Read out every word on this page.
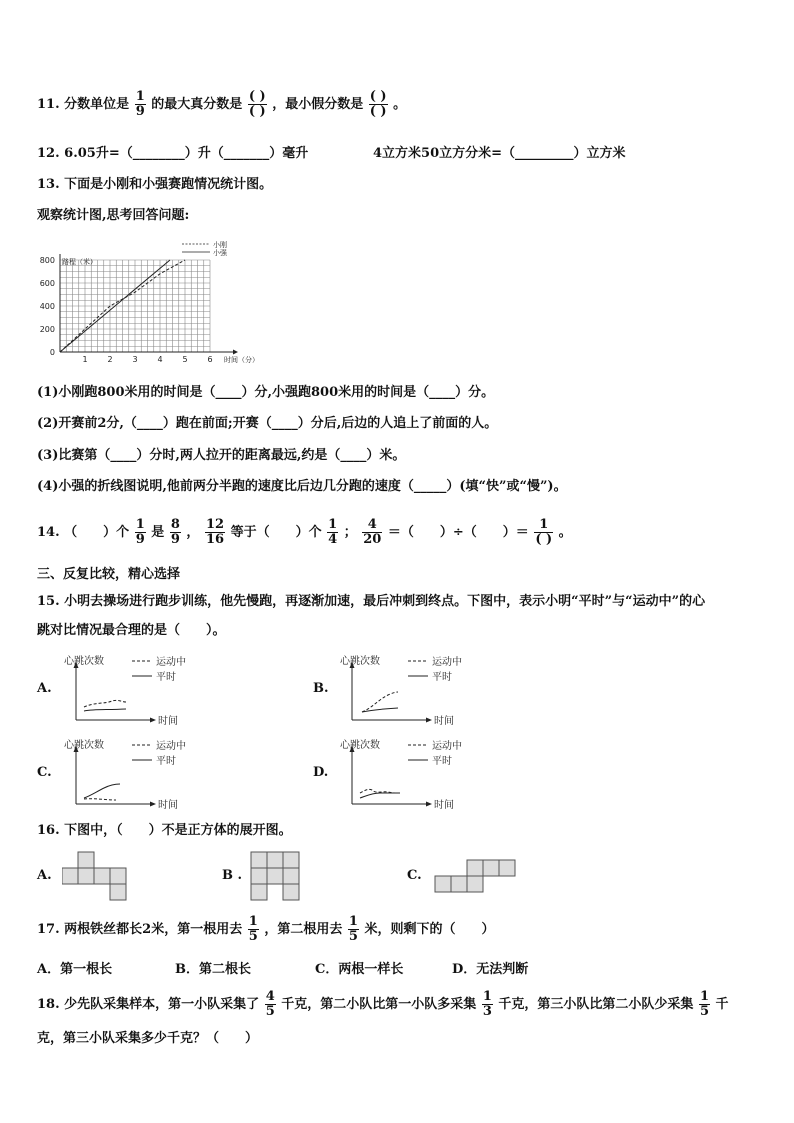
11. 分数单位是 $\frac{1}{9}$ 的最大真分数是 $\frac{( )}{( )}$ ，最小假分数是 $\frac{( )}{( )}$ 。
12. 6.05升=（________）升（_______）毫升	4立方米50立方分米=（_________）立方米
13. 下面是小刚和小强赛跑情况统计图。
观察统计图,思考回答问题:
1 2 3 4 5 6
0
200
400
600
800 路程（米）
时间（分）
小刚
小强
(1)小刚跑800米用的时间是（____）分,小强跑800米用的时间是（____）分。
(2)开赛前2分,（____）跑在前面;开赛（____）分后,后边的人追上了前面的人。
(3)比赛第（____）分时,两人拉开的距离最远,约是（____）米。
(4)小强的折线图说明,他前两分半跑的速度比后边几分跑的速度（_____）(填“快”或“慢”)。
14. （　　）个 $\frac{1}{9}$ 是 $\frac{8}{9}$ ， $\frac{12}{16}$ 等于（　　）个 $\frac{1}{4}$ ； $\frac{4}{20}$ ＝（　　）÷（　　）＝ $\frac{1}{( )}$ 。
三、反复比较，精心选择
15. 小明去操场进行跑步训练，他先慢跑，再逐渐加速，最后冲刺到终点。下图中，表示小明“平时”与“运动中”的心
跳对比情况最合理的是（　　）。
A.
心跳次数
时间
运动中
平时
B.
心跳次数
时间
运动中
平时
C.
心跳次数
时间
运动中
平时
D.
心跳次数
时间
运动中
平时
16. 下图中，（　　）不是正方体的展开图。
A.	B .	C.
17. 两根铁丝都长2米，第一根用去 $\frac{1}{5}$ ，第二根用去 $\frac{1}{5}$ 米，则剩下的（　　）
A．第一根长	B．第二根长	C．两根一样长	D．无法判断
18. 少先队采集样本，第一小队采集了 $\frac{4}{5}$ 千克，第二小队比第一小队多采集 $\frac{1}{3}$ 千克，第三小队比第二小队少采集 $\frac{1}{5}$ 千
克，第三小队采集多少千克？（　　）
